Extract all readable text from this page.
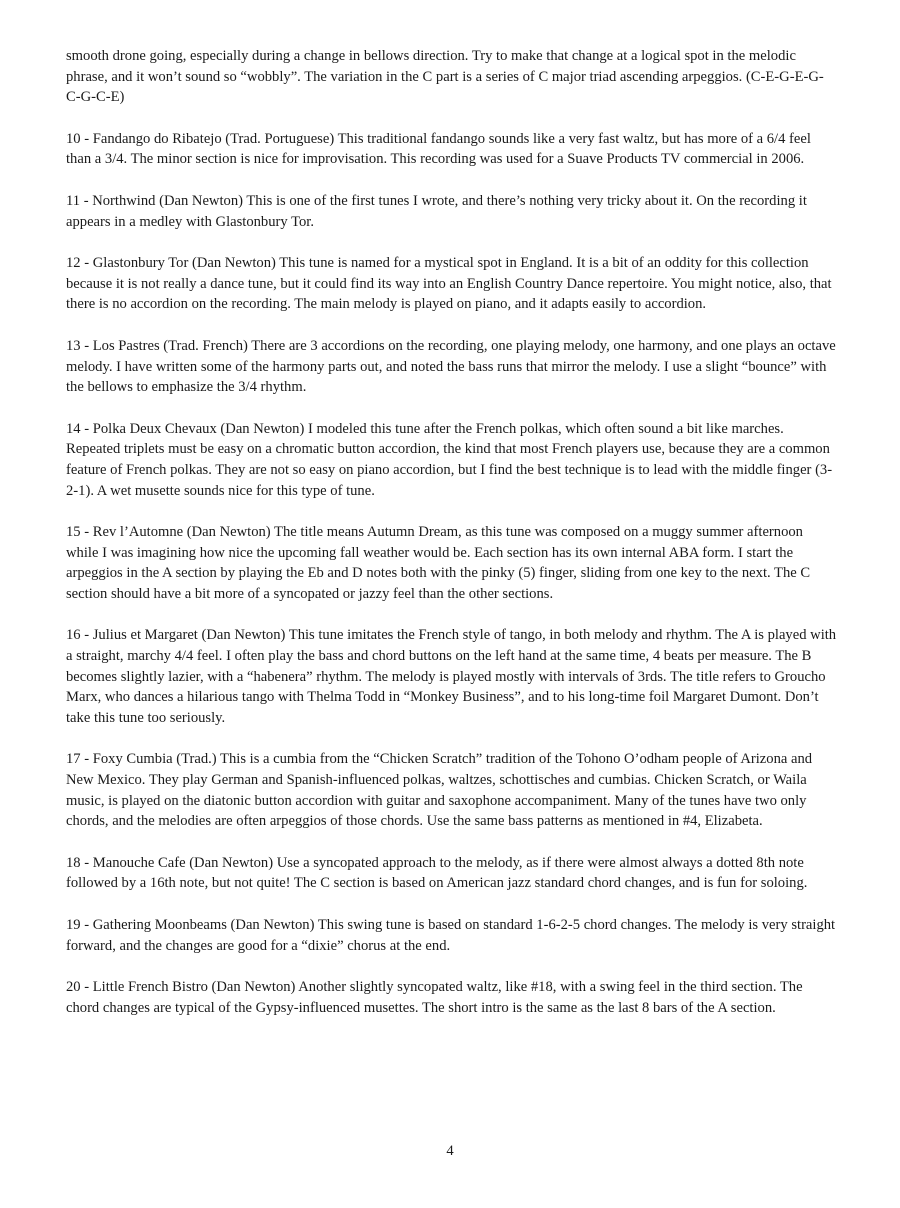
smooth drone going, especially during a change in bellows direction. Try to make that change at a logical spot in the melodic phrase, and it won’t sound so “wobbly”. The variation in the C part is a series of C major triad ascending arpeggios. (C-E-G-E-G-C-G-C-E)

10 - Fandango do Ribatejo (Trad. Portuguese) This traditional fandango sounds like a very fast waltz, but has more of a 6/4 feel than a 3/4. The minor section is nice for improvisation. This recording was used for a Suave Products TV commercial in 2006.

11 - Northwind (Dan Newton) This is one of the first tunes I wrote, and there’s nothing very tricky about it. On the recording it appears in a medley with Glastonbury Tor.

12 - Glastonbury Tor (Dan Newton) This tune is named for a mystical spot in England. It is a bit of an oddity for this collection because it is not really a dance tune, but it could find its way into an English Country Dance repertoire. You might notice, also, that there is no accordion on the recording. The main melody is played on piano, and it adapts easily to accordion.

13 - Los Pastres (Trad. French) There are 3 accordions on the recording, one playing melody, one harmony, and one plays an octave melody. I have written some of the harmony parts out, and noted the bass runs that mirror the melody. I use a slight “bounce” with the bellows to emphasize the 3/4 rhythm.

14 - Polka Deux Chevaux (Dan Newton) I modeled this tune after the French polkas, which often sound a bit like marches. Repeated triplets must be easy on a chromatic button accordion, the kind that most French players use, because they are a common feature of French polkas. They are not so easy on piano accordion, but I find the best technique is to lead with the middle finger (3-2-1). A wet musette sounds nice for this type of tune.

15 - Rev l’Automne (Dan Newton) The title means Autumn Dream, as this tune was composed on a muggy summer afternoon while I was imagining how nice the upcoming fall weather would be. Each section has its own internal ABA form. I start the arpeggios in the A section by playing the Eb and D notes both with the pinky (5) finger, sliding from one key to the next. The C section should have a bit more of a syncopated or jazzy feel than the other sections.

16 - Julius et Margaret (Dan Newton) This tune imitates the French style of tango, in both melody and rhythm. The A is played with a straight, marchy 4/4 feel. I often play the bass and chord buttons on the left hand at the same time, 4 beats per measure. The B becomes slightly lazier, with a “habenera” rhythm. The melody is played mostly with intervals of 3rds. The title refers to Groucho Marx, who dances a hilarious tango with Thelma Todd in “Monkey Business”, and to his long-time foil Margaret Dumont. Don’t take this tune too seriously.

17 - Foxy Cumbia (Trad.) This is a cumbia from the “Chicken Scratch” tradition of the Tohono O’odham people of Arizona and New Mexico. They play German and Spanish-influenced polkas, waltzes, schottisches and cumbias. Chicken Scratch, or Waila music, is played on the diatonic button accordion with guitar and saxophone accompaniment. Many of the tunes have two only chords, and the melodies are often arpeggios of those chords. Use the same bass patterns as mentioned in #4, Elizabeta.

18 - Manouche Cafe (Dan Newton) Use a syncopated approach to the melody, as if there were almost always a dotted 8th note followed by a 16th note, but not quite! The C section is based on American jazz standard chord changes, and is fun for soloing.

19 - Gathering Moonbeams (Dan Newton) This swing tune is based on standard 1-6-2-5 chord changes. The melody is very straight forward, and the changes are good for a “dixie” chorus at the end.

20 - Little French Bistro (Dan Newton) Another slightly syncopated waltz, like #18, with a swing feel in the third section. The chord changes are typical of the Gypsy-influenced musettes. The short intro is the same as the last 8 bars of the A section.

4
